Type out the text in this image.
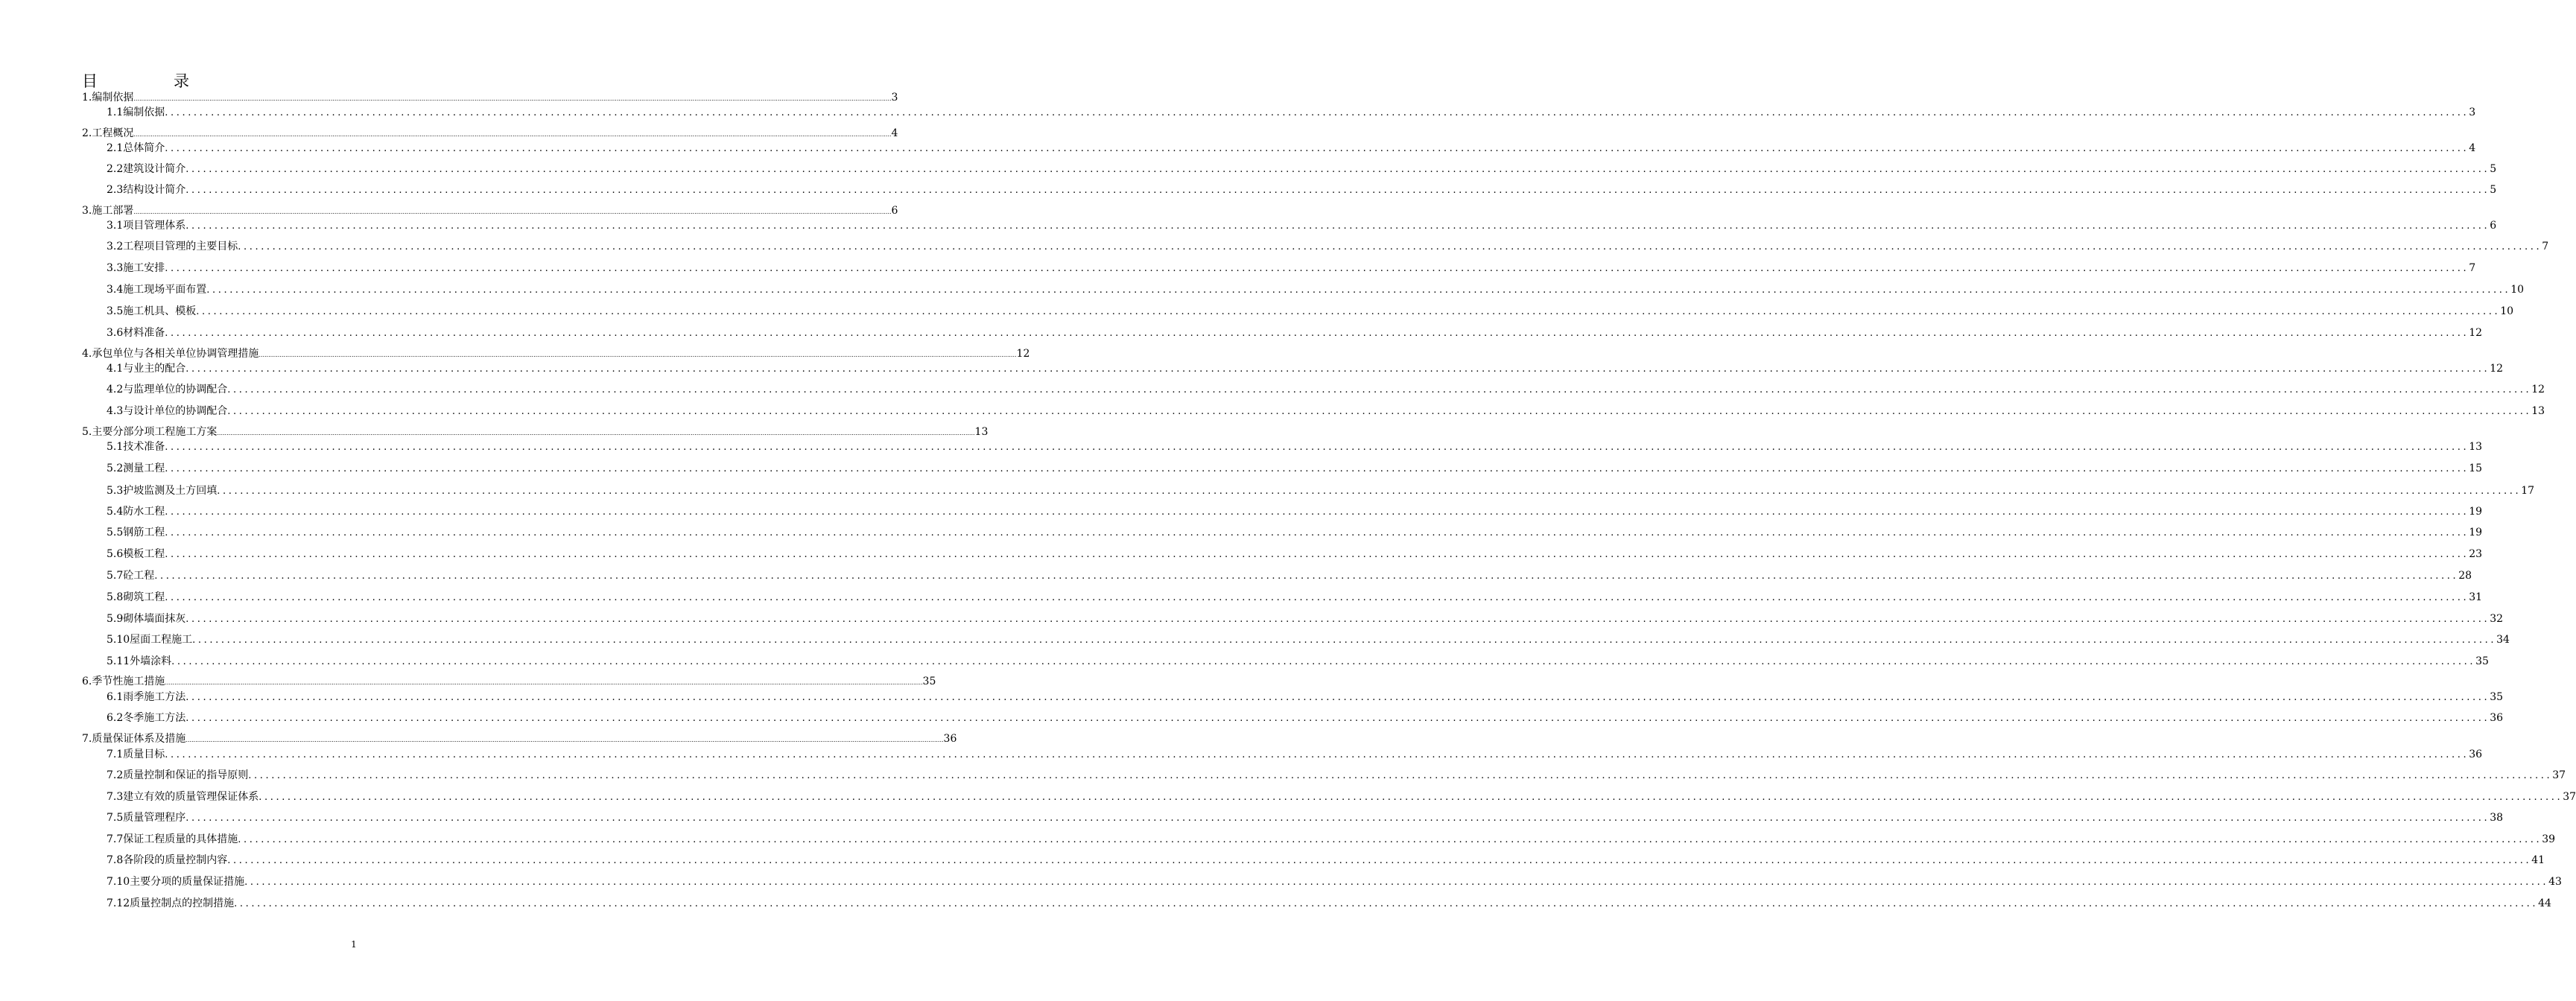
目	录
1.编制依据 ................................................................................................................................................................................................................................................................................................................................................................................................................ 3
1.1编制依据 ................................................................................................................................................................................................................................................................................................................................................................................................................ 3
2.工程概况 ................................................................................................................................................................................................................................................................................................................................................................................................................ 4
2.1总体简介 ................................................................................................................................................................................................................................................................................................................................................................................................................ 4
2.2建筑设计简介 ................................................................................................................................................................................................................................................................................................................................................................................................................ 5
2.3结构设计简介 ................................................................................................................................................................................................................................................................................................................................................................................................................ 5
3.施工部署 ................................................................................................................................................................................................................................................................................................................................................................................................................ 6
3.1项目管理体系 ................................................................................................................................................................................................................................................................................................................................................................................................................ 6
3.2工程项目管理的主要目标 ................................................................................................................................................................................................................................................................................................................................................................................................................ 7
3.3施工安排 ................................................................................................................................................................................................................................................................................................................................................................................................................ 7
3.4施工现场平面布置 ................................................................................................................................................................................................................................................................................................................................................................................................................ 10
3.5施工机具、模板 ................................................................................................................................................................................................................................................................................................................................................................................................................ 10
3.6材料准备 ................................................................................................................................................................................................................................................................................................................................................................................................................ 12
4.承包单位与各相关单位协调管理措施 ................................................................................................................................................................................................................................................................................................................................................................................................................ 12
4.1与业主的配合 ................................................................................................................................................................................................................................................................................................................................................................................................................ 12
4.2与监理单位的协调配合 ................................................................................................................................................................................................................................................................................................................................................................................................................ 12
4.3与设计单位的协调配合 ................................................................................................................................................................................................................................................................................................................................................................................................................ 13
5.主要分部分项工程施工方案 ................................................................................................................................................................................................................................................................................................................................................................................................................ 13
5.1技术准备 ................................................................................................................................................................................................................................................................................................................................................................................................................ 13
5.2测量工程 ................................................................................................................................................................................................................................................................................................................................................................................................................ 15
5.3护坡监测及土方回填 ................................................................................................................................................................................................................................................................................................................................................................................................................ 17
5.4防水工程 ................................................................................................................................................................................................................................................................................................................................................................................................................ 19
5.5钢筋工程 ................................................................................................................................................................................................................................................................................................................................................................................................................ 19
5.6模板工程 ................................................................................................................................................................................................................................................................................................................................................................................................................ 23
5.7砼工程 ................................................................................................................................................................................................................................................................................................................................................................................................................ 28
5.8砌筑工程 ................................................................................................................................................................................................................................................................................................................................................................................................................ 31
5.9砌体墙面抹灰 ................................................................................................................................................................................................................................................................................................................................................................................................................ 32
5.10屋面工程施工 ................................................................................................................................................................................................................................................................................................................................................................................................................ 34
5.11外墙涂料 ................................................................................................................................................................................................................................................................................................................................................................................................................ 35
6.季节性施工措施 ................................................................................................................................................................................................................................................................................................................................................................................................................ 35
6.1雨季施工方法 ................................................................................................................................................................................................................................................................................................................................................................................................................ 35
6.2冬季施工方法 ................................................................................................................................................................................................................................................................................................................................................................................................................ 36
7.质量保证体系及措施 ................................................................................................................................................................................................................................................................................................................................................................................................................ 36
7.1质量目标 ................................................................................................................................................................................................................................................................................................................................................................................................................ 36
7.2质量控制和保证的指导原则 ................................................................................................................................................................................................................................................................................................................................................................................................................ 37
7.3建立有效的质量管理保证体系 ................................................................................................................................................................................................................................................................................................................................................................................................................ 37
7.5质量管理程序 ................................................................................................................................................................................................................................................................................................................................................................................................................ 38
7.7保证工程质量的具体措施 ................................................................................................................................................................................................................................................................................................................................................................................................................ 39
7.8各阶段的质量控制内容 ................................................................................................................................................................................................................................................................................................................................................................................................................ 41
7.10主要分项的质量保证措施 ................................................................................................................................................................................................................................................................................................................................................................................................................ 43
7.12质量控制点的控制措施 ................................................................................................................................................................................................................................................................................................................................................................................................................ 44
1
